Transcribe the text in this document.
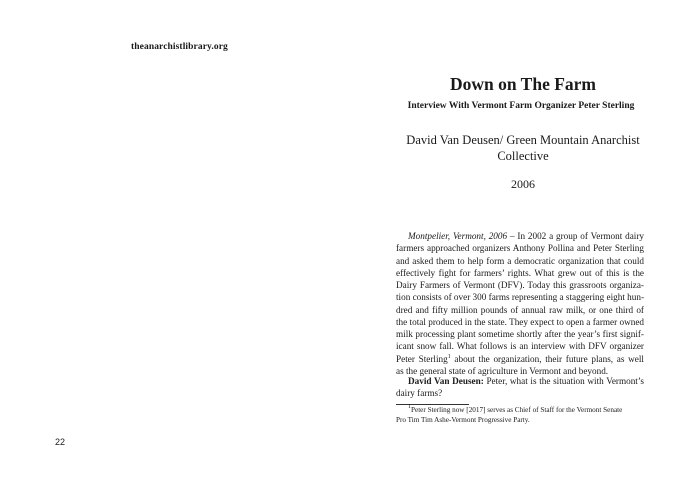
theanarchistlibrary.org
22
Down on The Farm
Interview With Vermont Farm Organizer Peter Sterling
David Van Deusen/ Green Mountain Anarchist
Collective
2006
Montpelier, Vermont, 2006 – In 2002 a group of Vermont dairy
farmers approached organizers Anthony Pollina and Peter Sterling
and asked them to help form a democratic organization that could
effectively fight for farmers’ rights. What grew out of this is the
Dairy Farmers of Vermont (DFV). Today this grassroots organiza-
tion consists of over 300 farms representing a staggering eight hun-
dred and fifty million pounds of annual raw milk, or one third of
the total produced in the state. They expect to open a farmer owned
milk processing plant sometime shortly after the year’s first signif-
icant snow fall. What follows is an interview with DFV organizer
Peter Sterling$^1$ about the organization, their future plans, as well
as the general state of agriculture in Vermont and beyond.
David Van Deusen: Peter, what is the situation with Vermont’s
dairy farms?
$^1$Peter Sterling now [2017] serves as Chief of Staff for the Vermont Senate
Pro Tim Tim Ashe-Vermont Progressive Party.
